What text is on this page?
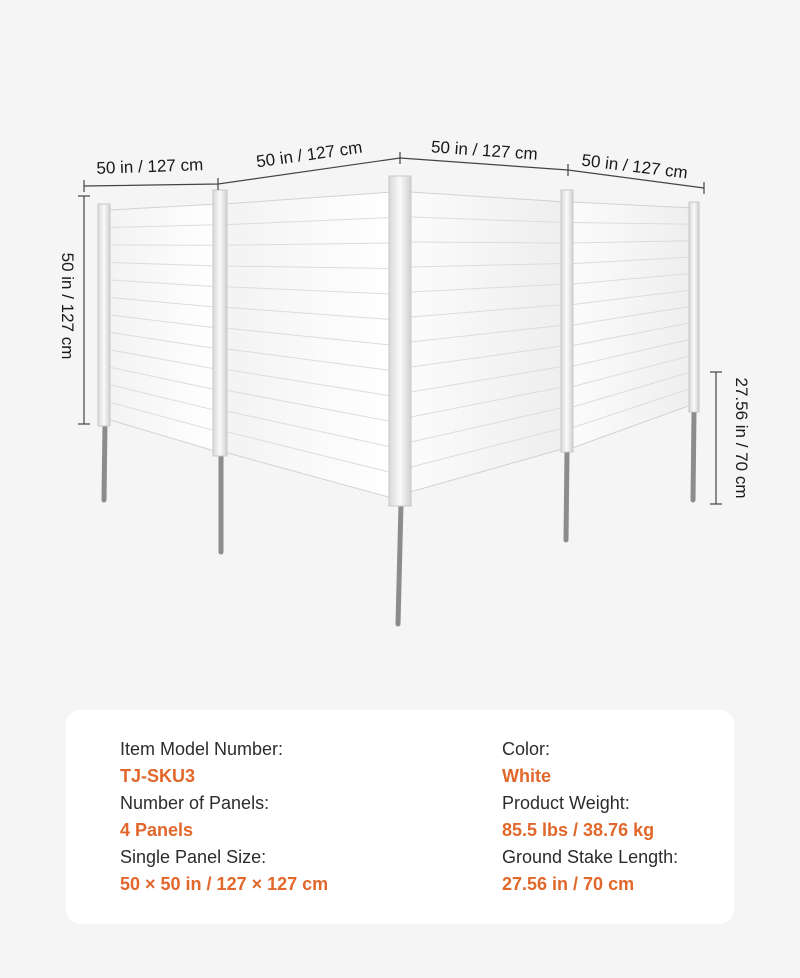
50 in / 127 cm	50 in / 127 cm	50 in / 127 cm
50 in / 127 cm
50 in / 127 cm
27.56 in / 70 cm
Item Model Number:
TJ-SKU3
Number of Panels:
4 Panels
Single Panel Size:
50 × 50 in / 127 × 127 cm
Color:
White
Product Weight:
85.5 lbs / 38.76 kg
Ground Stake Length:
27.56 in / 70 cm
